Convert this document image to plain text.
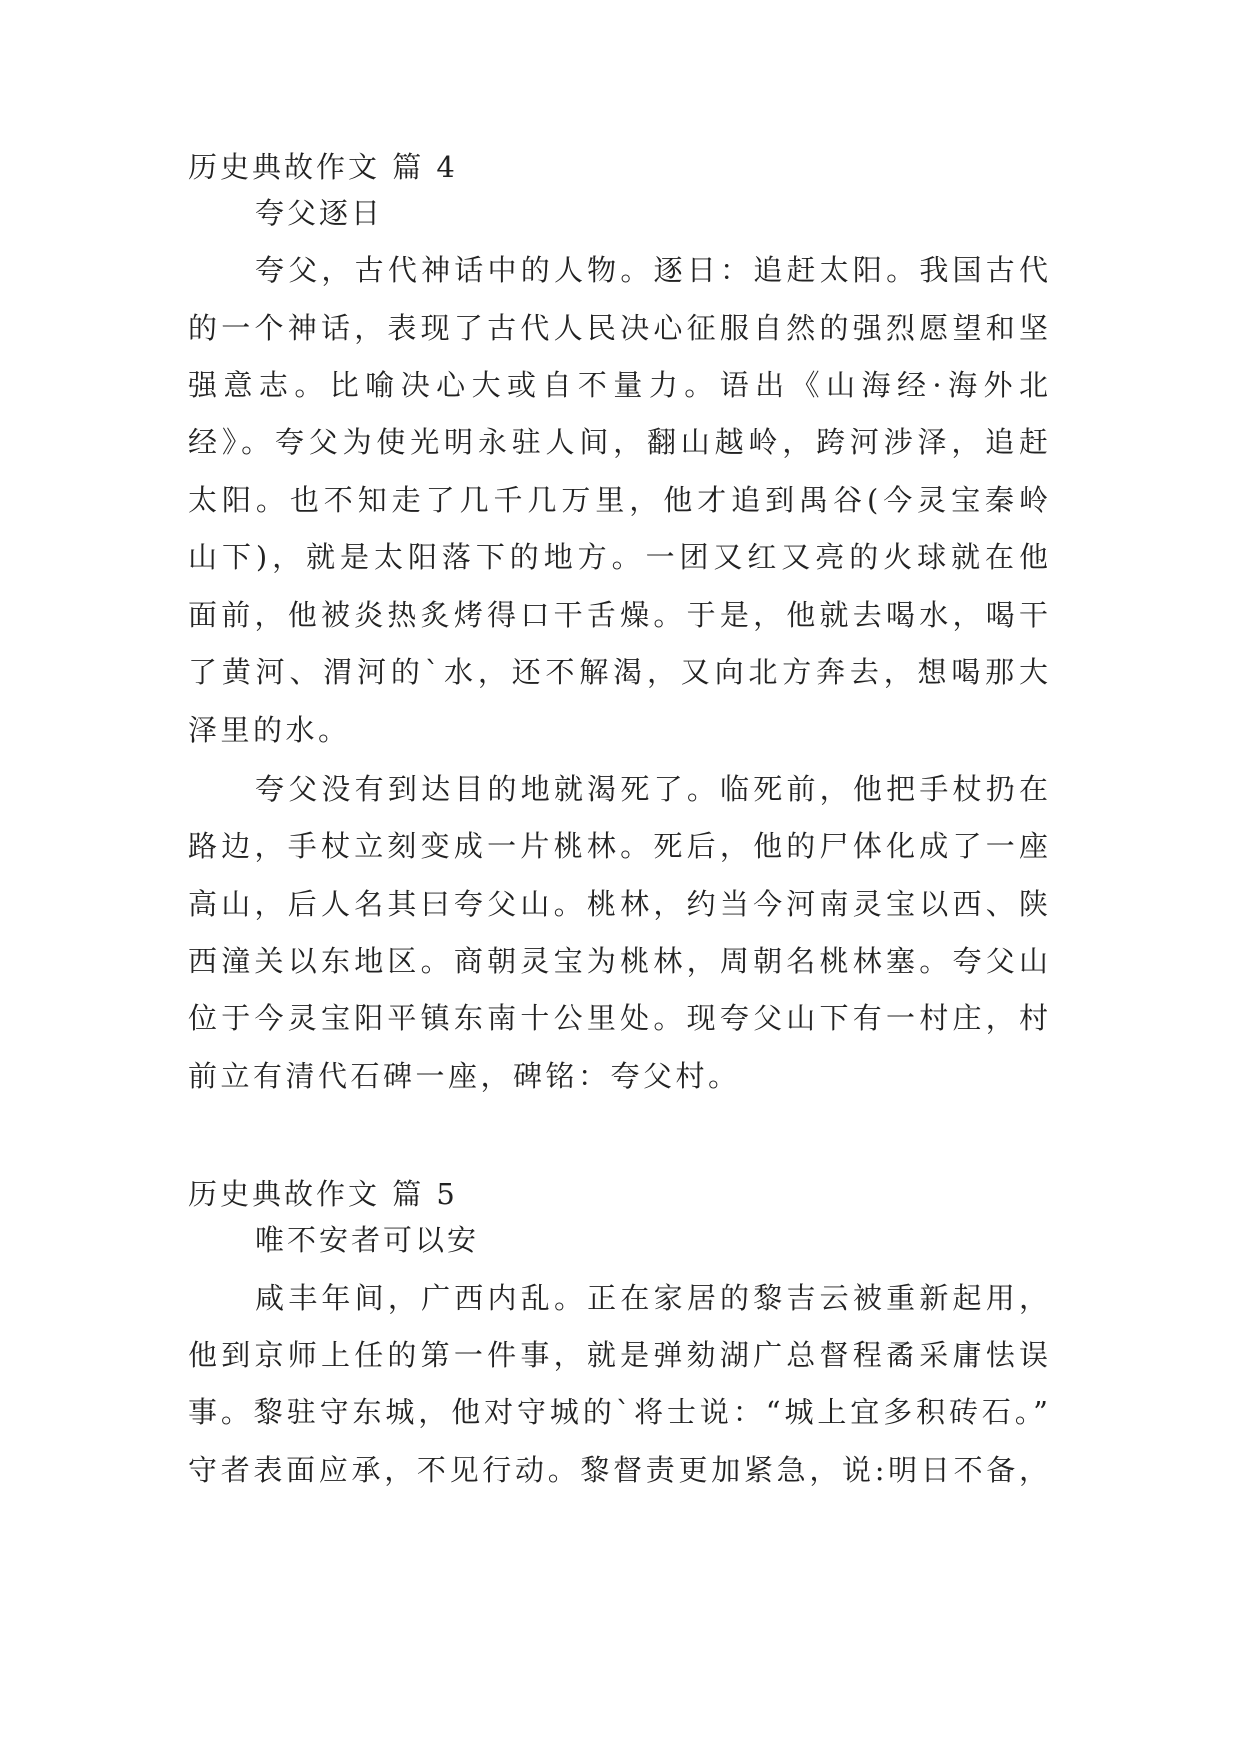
历史典故作文 篇 4
夸父逐日
夸父，古代神话中的人物。逐日：追赶太阳。我国古代
的一个神话，表现了古代人民决心征服自然的强烈愿望和坚
强意志。比喻决心大或自不量力。语出《山海经·海外北
经》。夸父为使光明永驻人间，翻山越岭，跨河涉泽，追赶
太阳。也不知走了几千几万里，他才追到禺谷(今灵宝秦岭
山下)，就是太阳落下的地方。一团又红又亮的火球就在他
面前，他被炎热炙烤得口干舌燥。于是，他就去喝水，喝干
了黄河、渭河的`水，还不解渴，又向北方奔去，想喝那大
泽里的水。
夸父没有到达目的地就渴死了。临死前，他把手杖扔在
路边，手杖立刻变成一片桃林。死后，他的尸体化成了一座
高山，后人名其曰夸父山。桃林，约当今河南灵宝以西、陕
西潼关以东地区。商朝灵宝为桃林，周朝名桃林塞。夸父山
位于今灵宝阳平镇东南十公里处。现夸父山下有一村庄，村
前立有清代石碑一座，碑铭：夸父村。
历史典故作文 篇 5
唯不安者可以安
咸丰年间，广西内乱。正在家居的黎吉云被重新起用，
他到京师上任的第一件事，就是弹劾湖广总督程矞采庸怯误
事。黎驻守东城，他对守城的`将士说：“城上宜多积砖石。”
守者表面应承，不见行动。黎督责更加紧急，说:明日不备，
